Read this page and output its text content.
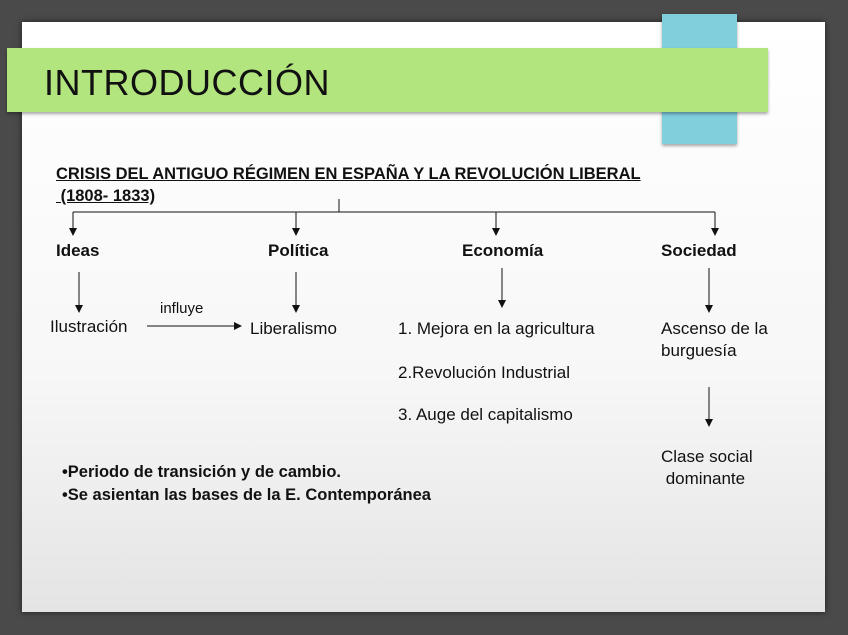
INTRODUCCIÓN
CRISIS DEL ANTIGUO RÉGIMEN EN ESPAÑA Y LA REVOLUCIÓN LIBERAL
(1808- 1833)
Ideas	Política	Economía	Sociedad
Ilustración
influye
Liberalismo	1. Mejora en la agricultura
2.Revolución Industrial
3. Auge del capitalismo
Ascenso de la
burguesía
Clase social
dominante
•Periodo de transición y de cambio.
•Se asientan las bases de la E. Contemporánea
